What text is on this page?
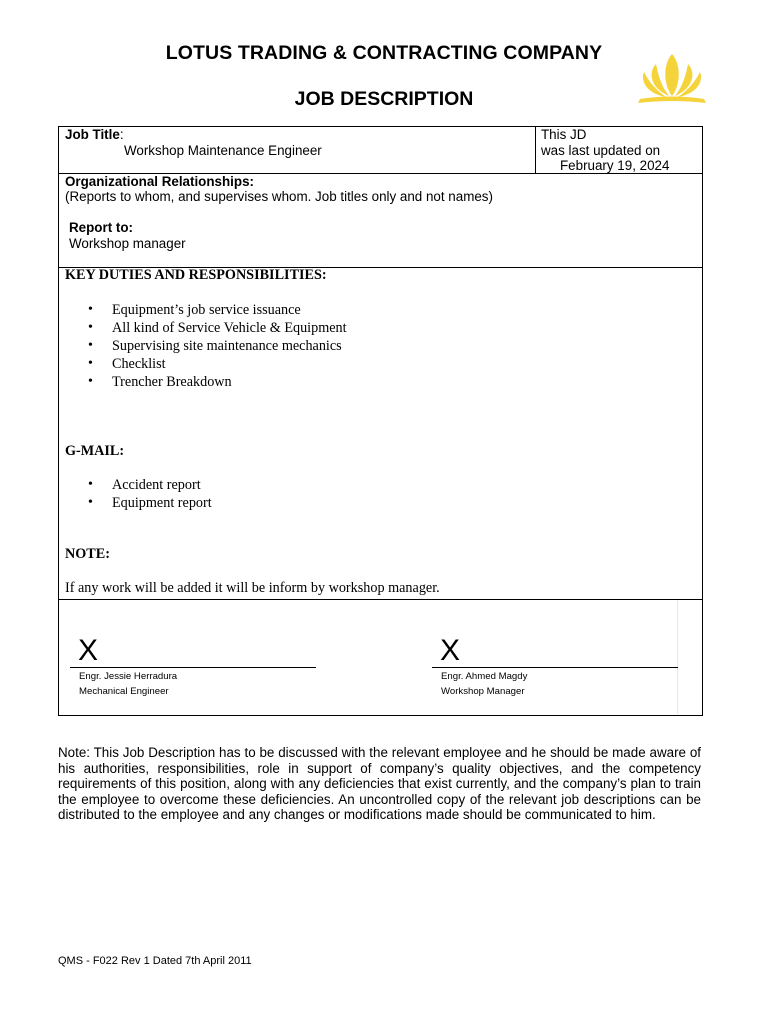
LOTUS TRADING & CONTRACTING COMPANY
JOB DESCRIPTION
Job Title:
Workshop Maintenance Engineer
This JD
was last updated on
February 19, 2024
Organizational Relationships:
(Reports to whom, and supervises whom. Job titles only and not names)
Report to:
Workshop manager
KEY DUTIES AND RESPONSIBILITIES:
• Equipment’s job service issuance
• All kind of Service Vehicle & Equipment
• Supervising site maintenance mechanics
• Checklist
• Trencher Breakdown
G-MAIL:
• Accident report
• Equipment report
NOTE:
If any work will be added it will be inform by workshop manager.
X
Engr. Jessie Herradura
Mechanical Engineer
X
Engr. Ahmed Magdy
Workshop Manager
Note: This Job Description has to be discussed with the relevant employee and he should be made aware of his authorities, responsibilities, role in support of company’s quality objectives, and the competency requirements of this position, along with any deficiencies that exist currently, and the company’s plan to train the employee to overcome these deficiencies. An uncontrolled copy of the relevant job descriptions can be distributed to the employee and any changes or modifications made should be communicated to him.
QMS - F022 Rev 1 Dated 7th April 2011
